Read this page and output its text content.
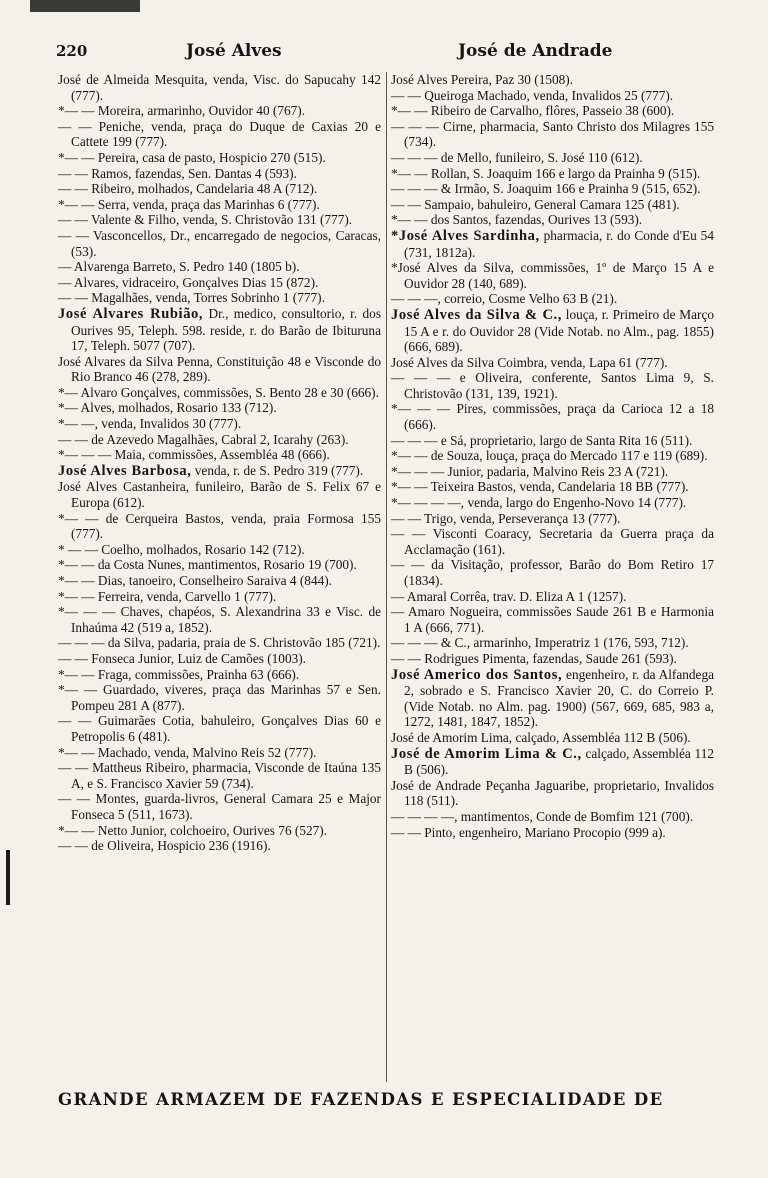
220	José Alves	José de Andrade

José de Almeida Mesquita, venda, Visc. do Sapucahy 142 (777).

*— — Moreira, armarinho, Ouvidor 40 (767).

— — Peniche, venda, praça do Duque de Caxias 20 e Cattete 199 (777).

*— — Pereira, casa de pasto, Hospicio 270 (515).

— — Ramos, fazendas, Sen. Dantas 4 (593).

— — Ribeiro, molhados, Candelaria 48 A (712).

*— — Serra, venda, praça das Marinhas 6 (777).

— — Valente & Filho, venda, S. Christovão 131 (777).

— — Vasconcellos, Dr., encarregado de negocios, Caracas, (53).

— Alvarenga Barreto, S. Pedro 140 (1805 b).

— Alvares, vidraceiro, Gonçalves Dias 15 (872).

— — Magalhães, venda, Torres Sobrinho 1 (777).

José Alvares Rubião, Dr., medico, consultorio, r. dos Ourives 95, Teleph. 598. reside, r. do Barão de Ibituruna 17, Teleph. 5077 (707).

José Alvares da Silva Penna, Constituição 48 e Visconde do Rio Branco 46 (278, 289).

*— Alvaro Gonçalves, commissões, S. Bento 28 e 30 (666).

*— Alves, molhados, Rosario 133 (712).

*— —, venda, Invalidos 30 (777).

— — de Azevedo Magalhães, Cabral 2, Icarahy (263).

*— — — Maia, commissões, Assembléa 48 (666).

José Alves Barbosa, venda, r. de S. Pedro 319 (777).

José Alves Castanheira, funileiro, Barão de S. Felix 67 e Europa (612).

*— — de Cerqueira Bastos, venda, praia Formosa 155 (777).

* — — Coelho, molhados, Rosario 142 (712).

*— — da Costa Nunes, mantimentos, Rosario 19 (700).

*— — Dias, tanoeiro, Conselheiro Saraiva 4 (844).

*— — Ferreira, venda, Carvello 1 (777).

*— — — Chaves, chapéos, S. Alexandrina 33 e Visc. de Inhaúma 42 (519 a, 1852).

— — — da Silva, padaria, praia de S. Christovão 185 (721).

— — Fonseca Junior, Luiz de Camões (1003).

*— — Fraga, commissões, Prainha 63 (666).

*— — Guardado, viveres, praça das Marinhas 57 e Sen. Pompeu 281 A (877).

— — Guimarães Cotia, bahuleiro, Gonçalves Dias 60 e Petropolis 6 (481).

*— — Machado, venda, Malvino Reis 52 (777).

— — Mattheus Ribeiro, pharmacia, Visconde de Itaúna 135 A, e S. Francisco Xavier 59 (734).

— — Montes, guarda-livros, General Camara 25 e Major Fonseca 5 (511, 1673).

*— — Netto Junior, colchoeiro, Ourives 76 (527).

— — de Oliveira, Hospicio 236 (1916).

José Alves Pereira, Paz 30 (1508).

— — Queiroga Machado, venda, Invalidos 25 (777).

*— — Ribeiro de Carvalho, flôres, Passeio 38 (600).

— — — Cirne, pharmacia, Santo Christo dos Milagres 155 (734).

— — — de Mello, funileiro, S. José 110 (612).

*— — Rollan, S. Joaquim 166 e largo da Prainha 9 (515).

— — — & Irmão, S. Joaquim 166 e Prainha 9 (515, 652).

— — Sampaio, bahuleiro, General Camara 125 (481).

*— — dos Santos, fazendas, Ourives 13 (593).

*José Alves Sardinha, pharmacia, r. do Conde d'Eu 54 (731, 1812a).

*José Alves da Silva, commissões, 1º de Março 15 A e Ouvidor 28 (140, 689).

— — —, correio, Cosme Velho 63 B (21).

José Alves da Silva & C., louça, r. Primeiro de Março 15 A e r. do Ouvidor 28 (Vide Notab. no Alm., pag. 1855) (666, 689).

José Alves da Silva Coimbra, venda, Lapa 61 (777).

— — — e Oliveira, conferente, Santos Lima 9, S. Christovão (131, 139, 1921).

*— — — Pires, commissões, praça da Carioca 12 a 18 (666).

— — — e Sá, proprietario, largo de Santa Rita 16 (511).

*— — de Souza, louça, praça do Mercado 117 e 119 (689).

*— — — Junior, padaria, Malvino Reis 23 A (721).

*— — Teixeira Bastos, venda, Candelaria 18 BB (777).

*— — — —, venda, largo do Engenho-Novo 14 (777).

— — Trigo, venda, Perseverança 13 (777).

— — Visconti Coaracy, Secretaria da Guerra praça da Acclamação (161).

— — da Visitação, professor, Barão do Bom Retiro 17 (1834).

— Amaral Corrêa, trav. D. Eliza A 1 (1257).

— Amaro Nogueira, commissões Saude 261 B e Harmonia 1 A (666, 771).

— — — & C., armarinho, Imperatriz 1 (176, 593, 712).

— — Rodrigues Pimenta, fazendas, Saude 261 (593).

José Americo dos Santos, engenheiro, r. da Alfandega 2, sobrado e S. Francisco Xavier 20, C. do Correio P. (Vide Notab. no Alm. pag. 1900) (567, 669, 685, 983 a, 1272, 1481, 1847, 1852).

José de Amorim Lima, calçado, Assembléa 112 B (506).

José de Amorim Lima & C., calçado, Assembléa 112 B (506).

José de Andrade Peçanha Jaguaribe, proprietario, Invalidos 118 (511).

— — — —, mantimentos, Conde de Bomfim 121 (700).

— — Pinto, engenheiro, Mariano Procopio (999 a).

GRANDE ARMAZEM DE FAZENDAS E ESPECIALIDADE DE
